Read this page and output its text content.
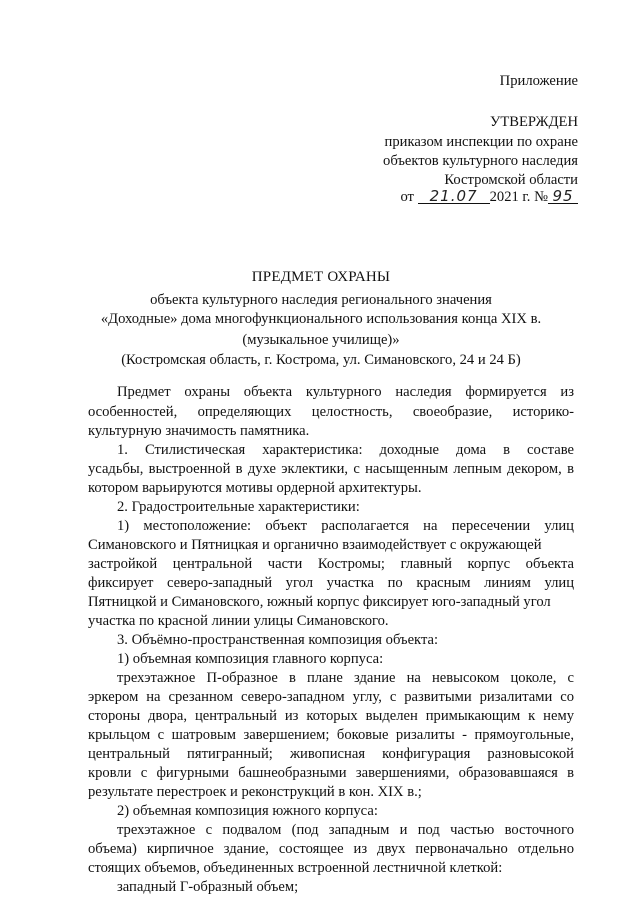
Приложение
УТВЕРЖДЕН
приказом инспекции по охране
объектов культурного наследия
Костромской области
от 21.07 2021 г. № 95
ПРЕДМЕТ ОХРАНЫ
объекта культурного наследия регионального значения
«Доходные» дома многофункционального использования конца XIX в.
(музыкальное училище)»
(Костромская область, г. Кострома, ул. Симановского, 24 и 24 Б)
Предмет охраны объекта культурного наследия формируется из
особенностей, определяющих целостность, своеобразие, историко-
культурную значимость памятника.
1. Стилистическая характеристика: доходные дома в составе
усадьбы, выстроенной в духе эклектики, с насыщенным лепным декором, в
котором варьируются мотивы ордерной архитектуры.
2. Градостроительные характеристики:
1) местоположение: объект располагается на пересечении улиц
Симановского и Пятницкая и органично взаимодействует с окружающей
застройкой центральной части Костромы; главный корпус объекта
фиксирует северо-западный угол участка по красным линиям улиц
Пятницкой и Симановского, южный корпус фиксирует юго-западный угол
участка по красной линии улицы Симановского.
3. Объёмно-пространственная композиция объекта:
1) объемная композиция главного корпуса:
трехэтажное П-образное в плане здание на невысоком цоколе, с
эркером на срезанном северо-западном углу, с развитыми ризалитами со
стороны двора, центральный из которых выделен примыкающим к нему
крыльцом с шатровым завершением; боковые ризалиты - прямоугольные,
центральный пятигранный; живописная конфигурация разновысокой
кровли с фигурными башнеобразными завершениями, образовавшаяся в
результате перестроек и реконструкций в кон. XIX в.;
2) объемная композиция южного корпуса:
трехэтажное с подвалом (под западным и под частью восточного
объема) кирпичное здание, состоящее из двух первоначально отдельно
стоящих объемов, объединенных встроенной лестничной клеткой:
западный Г-образный объем;
